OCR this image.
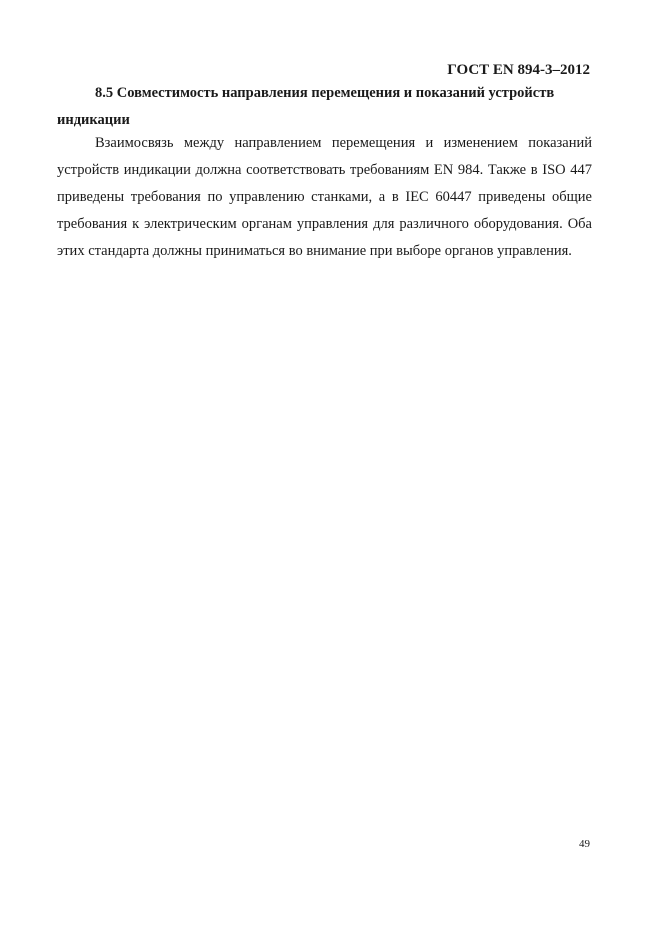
ГОСТ EN 894-3–2012

8.5 Совместимость направления перемещения и показаний устройств индикации

Взаимосвязь между направлением перемещения и изменением показаний устройств индикации должна соответствовать требованиям EN 984. Также в ISO 447 приведены требования по управлению станками, а в IEC 60447 приведены общие требования к электрическим органам управления для различного оборудования. Оба этих стандарта должны приниматься во внимание при выборе органов управления.

49
